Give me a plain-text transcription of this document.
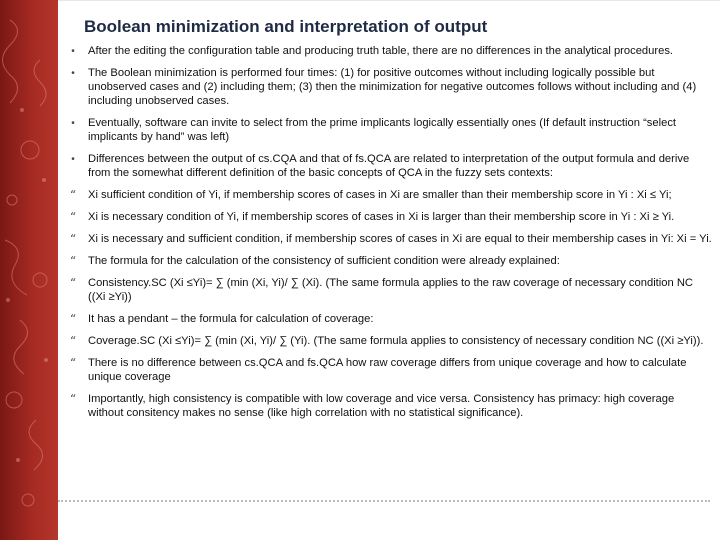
Boolean minimization and interpretation of output
•
After the editing the configuration table and producing truth table, there are no differences in the analytical procedures.
•
The Boolean minimization is performed four times: (1) for positive outcomes without including logically possible but unobserved cases and (2) including them; (3) then the minimization for negative outcomes follows without including and (4) including unobserved cases.
•
Eventually, software can invite to select from the prime implicants logically essentially ones (If default instruction “select implicants by hand” was left)
•
Differences between the output of cs.CQA and that of fs.QCA are related to interpretation of the output formula and derive from the somewhat different definition of the basic concepts of QCA in the fuzzy sets contexts:
“
Xi sufficient condition of Yi, if membership scores of cases in Xi are smaller than their membership score in Yi : Xi ≤ Yi;
“
Xi is necessary condition of Yi, if membership scores of cases in Xi is larger than their membership score in Yi : Xi ≥ Yi.
“
Xi is necessary and sufficient condition, if membership scores of cases in Xi are equal to their membership cases in Yi: Xi = Yi.
“
The formula for the calculation of the consistency of sufficient condition were already explained:
“
Consistency.SC (Xi ≤Yi)= ∑ (min (Xi, Yi)/ ∑ (Xi). (The same formula applies to the raw coverage of necessary condition NC ((Xi ≥Yi))
“
It has a pendant – the formula for calculation of coverage:
“
Coverage.SC (Xi ≤Yi)= ∑ (min (Xi, Yi)/ ∑ (Yi). (The same formula applies to consistency of necessary condition NC ((Xi ≥Yi)).
“
There is no difference between cs.QCA and fs.QCA how raw coverage differs from unique coverage and how to calculate unique coverage
“
Importantly, high consistency is compatible with low coverage and vice versa. Consistency has primacy: high coverage without consitency makes no sense (like high correlation with no statistical significance).
